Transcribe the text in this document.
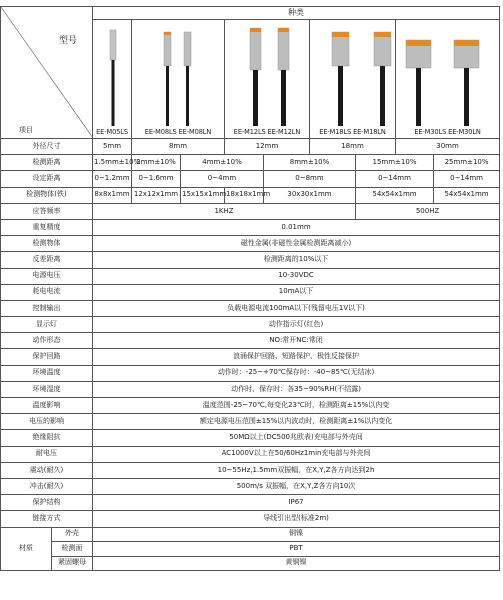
型号
项目		种类								

		EE-M05LS	EE-M08LS EE-M08LN		EE-M12LS EE-M12LN		EE-M18LS EE-M18LN		EE-M30LS EE-M30LN	

外径尺寸		5mm	8mm		12mm		18mm		30mm	
检测距离		1.5mm±10%	2mm±10%	4mm±10%		8mm±10%		15mm±10%		25mm±10%
设定距离		0~1.2mm	0~1.6mm	0~4mm		0~8mm		0~14mm		0~14mm
检测物体(铁)		8x8x1mm	12x12x1mm	15x15x1mm	18x18x1mm	30x30x1mm		54x54x1mm		54x54x1mm
应答频率		1KHZ						500HZ		
重复精度		0.01mm								
检测物体		磁性金属(非磁性金属检测距离减小)								
反差距离		检测距离的10%以下								
电源电压		10-30VDC								
耗电电流		10mA以下								
控制输出		负载电源电流100mA以下(残留电压1V以下)								
显示灯		动作指示灯(红色)								
动作形态		NO:常开NC:常闭								
保护回路		浪涌保护回路、短路保护、极性反接保护								
环境温度		动作时：-25~+70℃保存时：-40~85℃(无结冰)								
环境湿度		动作时、保存时：各35~90%RH(不结露)								
温度影响		温度范围-25~70℃,每变化23℃时，检测距离±15%以内变								
电压的影响		额定电源电压范围±15%以内波动时，检测距离±1%以内变化								
绝缘阻抗		50MΩ以上(DC500兆欧表)充电部与外壳间								
耐电压		AC1000V以上在50/60Hz1min充电部与外壳间								
震动(耐久)		10~55Hz,1.5mm双振幅，在X,Y,Z各方向达到2h								
冲击(耐久)		500m/s 双振幅，在X,Y,Z各方向10次								
保护结构		IP67								
链接方式		导线引出型(标准2m)								
材质	外壳	铜镍								
	检测面	PBT								
	紧固螺母	黄铜镍								
